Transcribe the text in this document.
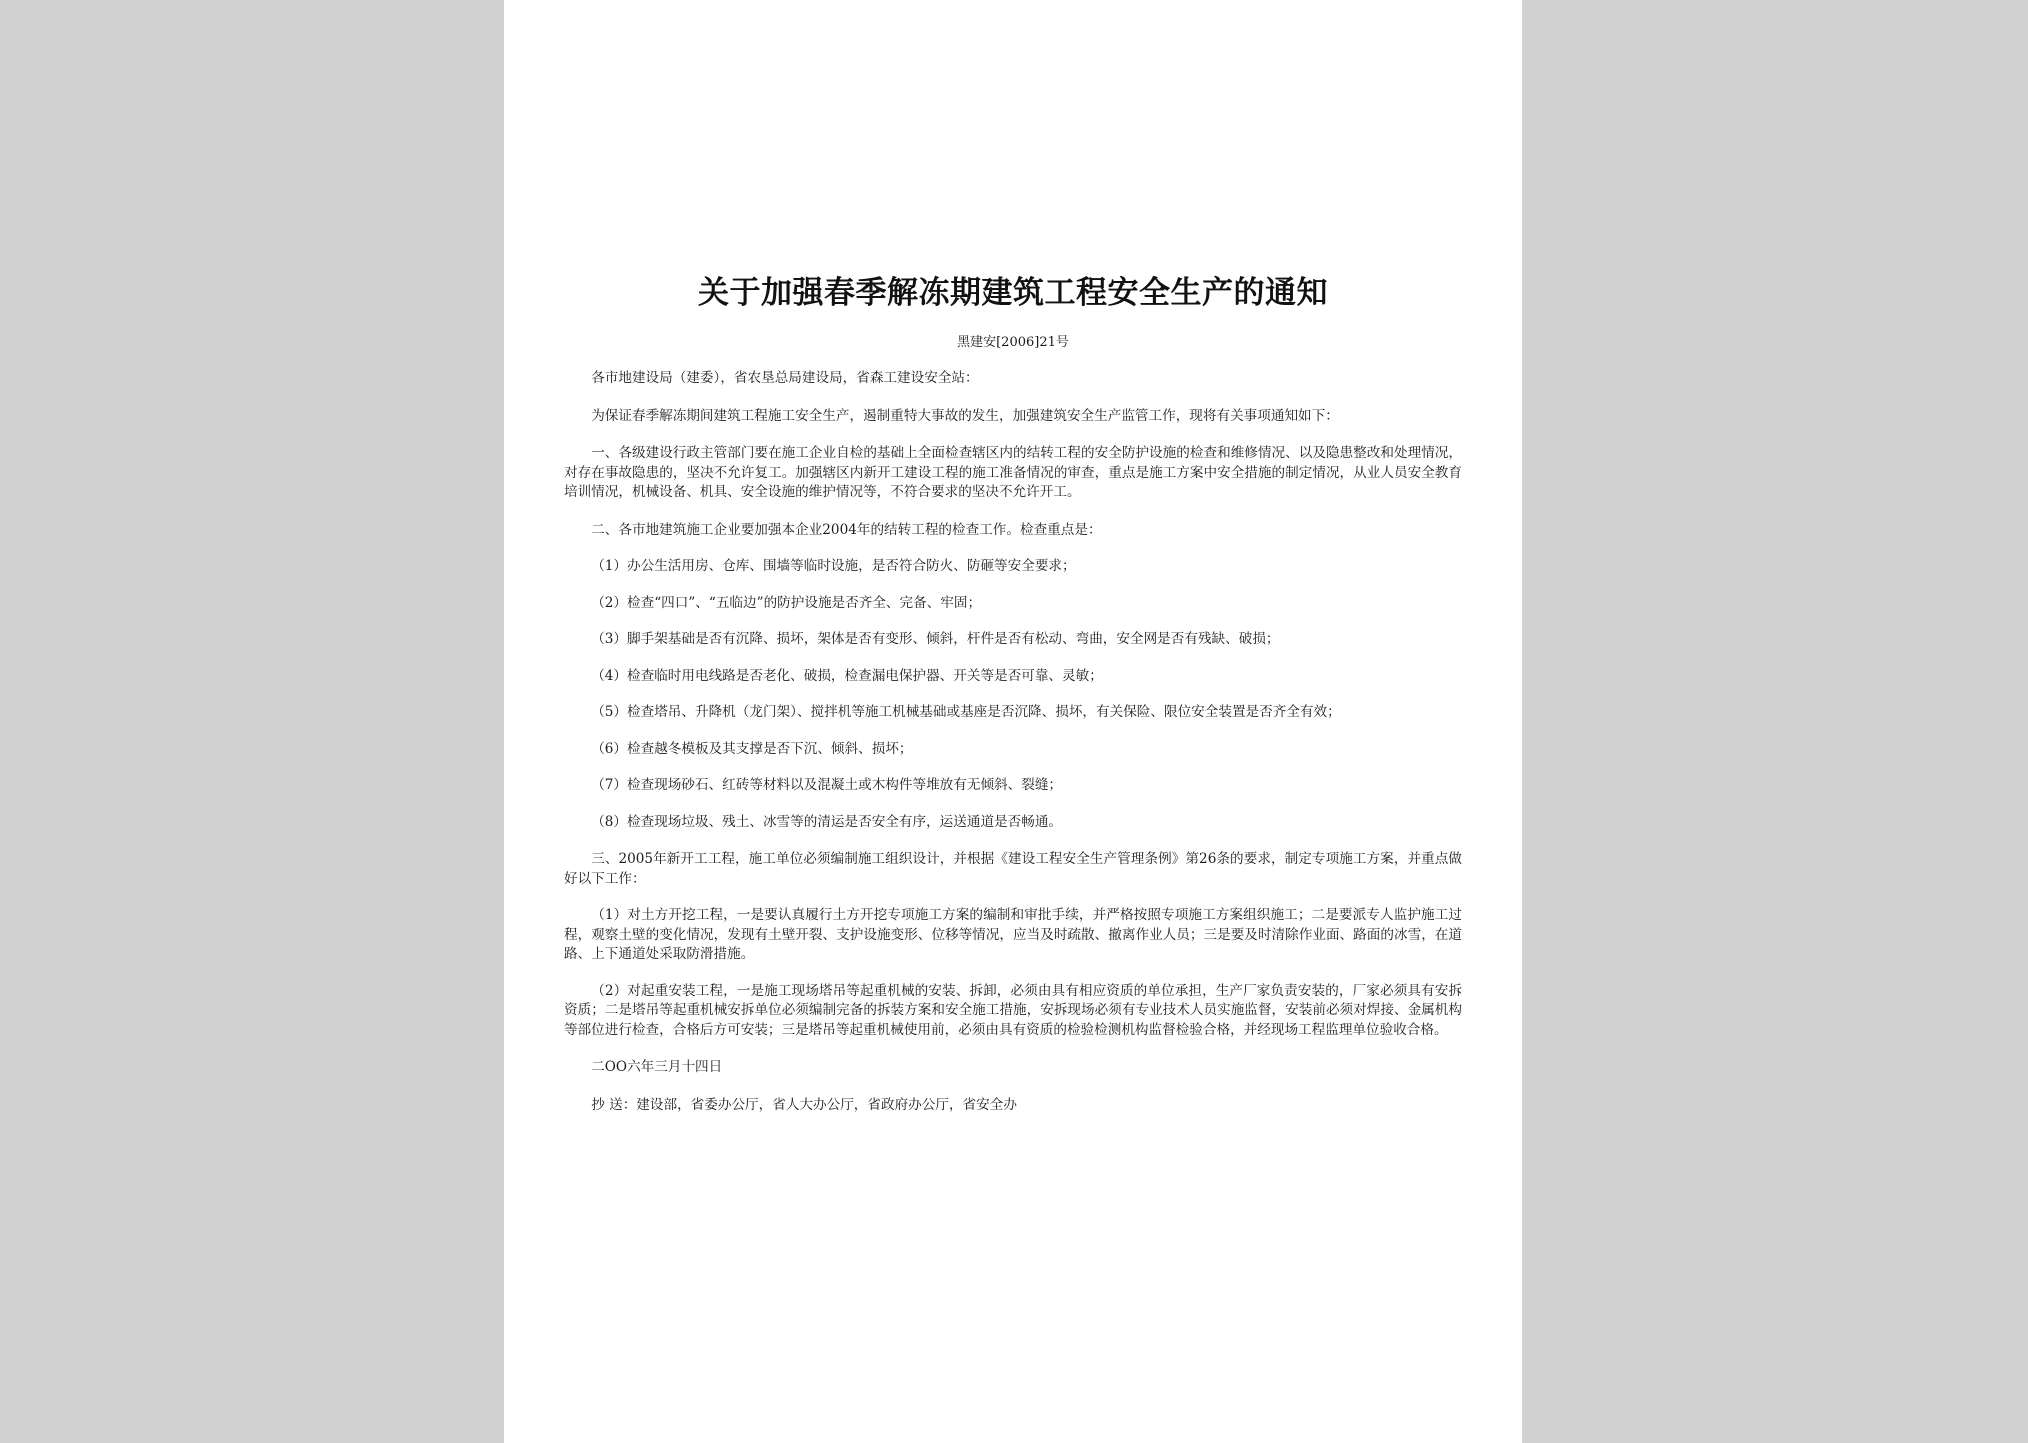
关于加强春季解冻期建筑工程安全生产的通知

黑建安[2006]21号

各市地建设局（建委），省农垦总局建设局，省森工建设安全站：

为保证春季解冻期间建筑工程施工安全生产，遏制重特大事故的发生，加强建筑安全生产监管工作，现将有关事项通知如下：

一、各级建设行政主管部门要在施工企业自检的基础上全面检查辖区内的结转工程的安全防护设施的检查和维修情况、以及隐患整改和处理情况，对存在事故隐患的，坚决不允许复工。加强辖区内新开工建设工程的施工准备情况的审查，重点是施工方案中安全措施的制定情况，从业人员安全教育培训情况，机械设备、机具、安全设施的维护情况等，不符合要求的坚决不允许开工。

二、各市地建筑施工企业要加强本企业2004年的结转工程的检查工作。检查重点是：

（1）办公生活用房、仓库、围墙等临时设施，是否符合防火、防砸等安全要求；

（2）检查“四口”、“五临边”的防护设施是否齐全、完备、牢固；

（3）脚手架基础是否有沉降、损坏，架体是否有变形、倾斜，杆件是否有松动、弯曲，安全网是否有残缺、破损；

（4）检查临时用电线路是否老化、破损，检查漏电保护器、开关等是否可靠、灵敏；

（5）检查塔吊、升降机（龙门架）、搅拌机等施工机械基础或基座是否沉降、损坏，有关保险、限位安全装置是否齐全有效；

（6）检查越冬模板及其支撑是否下沉、倾斜、损坏；

（7）检查现场砂石、红砖等材料以及混凝土或木构件等堆放有无倾斜、裂缝；

（8）检查现场垃圾、残土、冰雪等的清运是否安全有序，运送通道是否畅通。

三、2005年新开工工程，施工单位必须编制施工组织设计，并根据《建设工程安全生产管理条例》第26条的要求，制定专项施工方案，并重点做好以下工作：

（1）对土方开挖工程，一是要认真履行土方开挖专项施工方案的编制和审批手续，并严格按照专项施工方案组织施工；二是要派专人监护施工过程，观察土壁的变化情况，发现有土壁开裂、支护设施变形、位移等情况，应当及时疏散、撤离作业人员；三是要及时清除作业面、路面的冰雪，在道路、上下通道处采取防滑措施。

（2）对起重安装工程，一是施工现场塔吊等起重机械的安装、拆卸，必须由具有相应资质的单位承担，生产厂家负责安装的，厂家必须具有安拆资质；二是塔吊等起重机械安拆单位必须编制完备的拆装方案和安全施工措施，安拆现场必须有专业技术人员实施监督，安装前必须对焊接、金属机构等部位进行检查，合格后方可安装；三是塔吊等起重机械使用前，必须由具有资质的检验检测机构监督检验合格，并经现场工程监理单位验收合格。

二OO六年三月十四日

抄 送：建设部，省委办公厅，省人大办公厅，省政府办公厅，省安全办
